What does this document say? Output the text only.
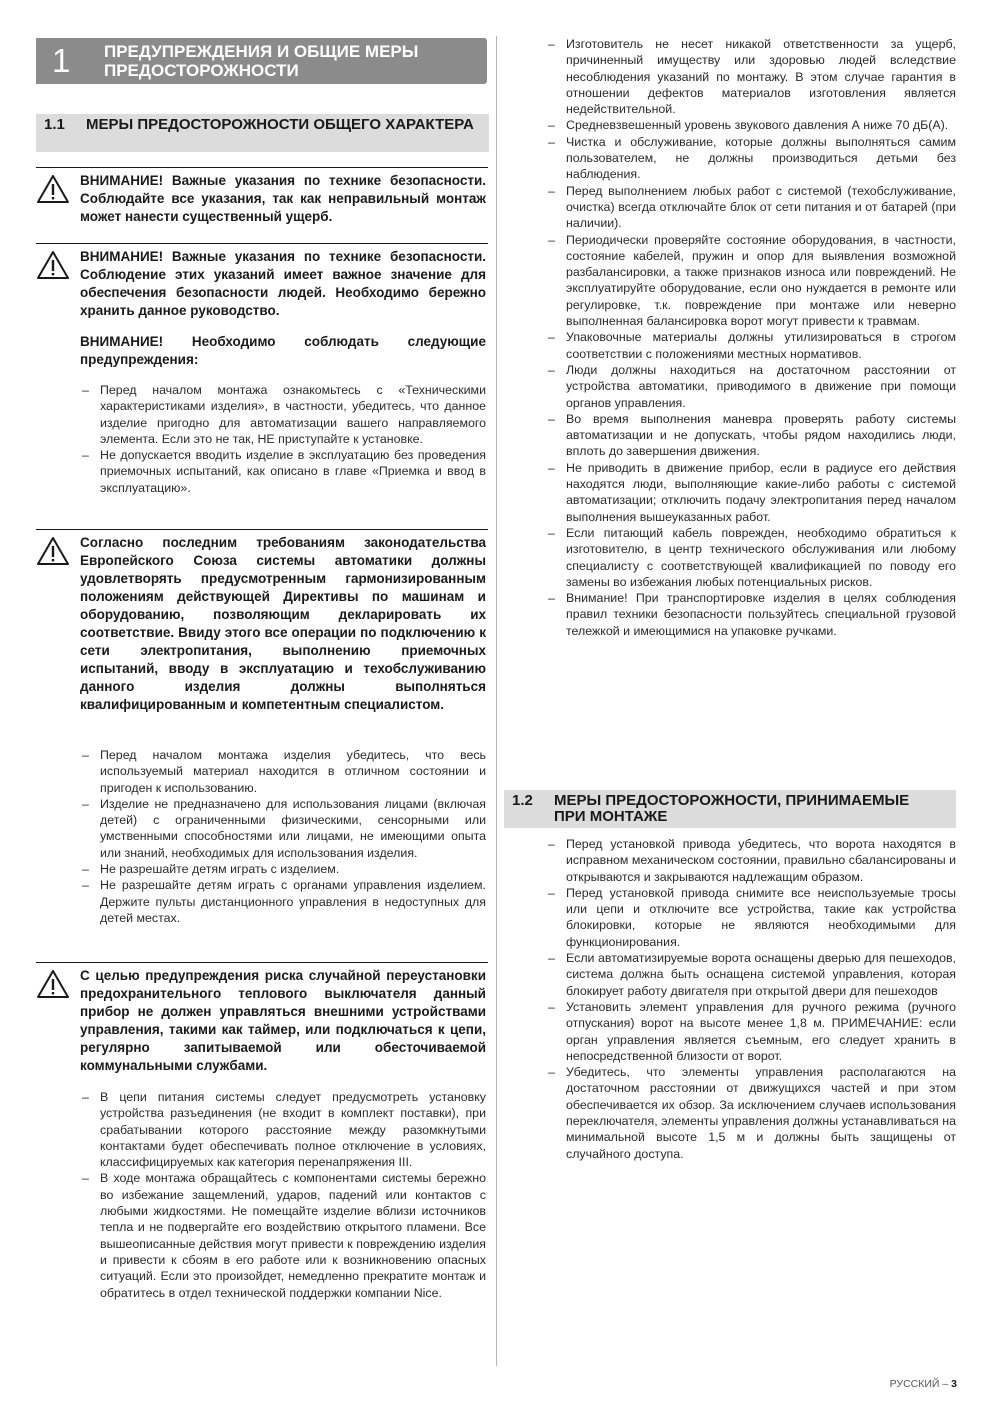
1 ПРЕДУПРЕЖДЕНИЯ И ОБЩИЕ МЕРЫ ПРЕДОСТОРОЖНОСТИ
1.1 МЕРЫ ПРЕДОСТОРОЖНОСТИ ОБЩЕГО ХАРАКТЕРА
ВНИМАНИЕ! Важные указания по технике безопасности. Соблюдайте все указания, так как неправильный монтаж может нанести существенный ущерб.
ВНИМАНИЕ! Важные указания по технике безопасности. Соблюдение этих указаний имеет важное значение для обеспечения безопасности людей. Необходимо бережно хранить данное руководство.
ВНИМАНИЕ! Необходимо соблюдать следующие предупреждения:
– Перед началом монтажа ознакомьтесь с «Техническими характеристиками изделия», в частности, убедитесь, что данное изделие пригодно для автоматизации вашего направляемого элемента. Если это не так, НЕ приступайте к установке.
– Не допускается вводить изделие в эксплуатацию без проведения приемочных испытаний, как описано в главе «Приемка и ввод в эксплуатацию».
Согласно последним требованиям законодательства Европейского Союза системы автоматики должны удовлетворять предусмотренным гармонизированным положениям действующей Директивы по машинам и оборудованию, позволяющим декларировать их соответствие. Ввиду этого все операции по подключению к сети электропитания, выполнению приемочных испытаний, вводу в эксплуатацию и техобслуживанию данного изделия должны выполняться квалифицированным и компетентным специалистом.
– Перед началом монтажа изделия убедитесь, что весь используемый материал находится в отличном состоянии и пригоден к использованию.
– Изделие не предназначено для использования лицами (включая детей) с ограниченными физическими, сенсорными или умственными способностями или лицами, не имеющими опыта или знаний, необходимых для использования изделия.
– Не разрешайте детям играть с изделием.
– Не разрешайте детям играть с органами управления изделием. Держите пульты дистанционного управления в недоступных для детей местах.
С целью предупреждения риска случайной переустановки предохранительного теплового выключателя данный прибор не должен управляться внешними устройствами управления, такими как таймер, или подключаться к цепи, регулярно запитываемой или обесточиваемой коммунальными службами.
– В цепи питания системы следует предусмотреть установку устройства разъединения (не входит в комплект поставки), при срабатывании которого расстояние между разомкнутыми контактами будет обеспечивать полное отключение в условиях, классифицируемых как категория перенапряжения III.
– В ходе монтажа обращайтесь с компонентами системы бережно во избежание защемлений, ударов, падений или контактов с любыми жидкостями. Не помещайте изделие вблизи источников тепла и не подвергайте его воздействию открытого пламени. Все вышеописанные действия могут привести к повреждению изделия и привести к сбоям в его работе или к возникновению опасных ситуаций. Если это произойдет, немедленно прекратите монтаж и обратитесь в отдел технической поддержки компании Nice.
– Изготовитель не несет никакой ответственности за ущерб, причиненный имуществу или здоровью людей вследствие несоблюдения указаний по монтажу. В этом случае гарантия в отношении дефектов материалов изготовления является недействительной.
– Средневзвешенный уровень звукового давления А ниже 70 дБ(А).
– Чистка и обслуживание, которые должны выполняться самим пользователем, не должны производиться детьми без наблюдения.
– Перед выполнением любых работ с системой (техобслуживание, очистка) всегда отключайте блок от сети питания и от батарей (при наличии).
– Периодически проверяйте состояние оборудования, в частности, состояние кабелей, пружин и опор для выявления возможной разбалансировки, а также признаков износа или повреждений. Не эксплуатируйте оборудование, если оно нуждается в ремонте или регулировке, т.к. повреждение при монтаже или неверно выполненная балансировка ворот могут привести к травмам.
– Упаковочные материалы должны утилизироваться в строгом соответствии с положениями местных нормативов.
– Люди должны находиться на достаточном расстоянии от устройства автоматики, приводимого в движение при помощи органов управления.
– Во время выполнения маневра проверять работу системы автоматизации и не допускать, чтобы рядом находились люди, вплоть до завершения движения.
– Не приводить в движение прибор, если в радиусе его действия находятся люди, выполняющие какие-либо работы с системой автоматизации; отключить подачу электропитания перед началом выполнения вышеуказанных работ.
– Если питающий кабель поврежден, необходимо обратиться к изготовителю, в центр технического обслуживания или любому специалисту с соответствующей квалификацией по поводу его замены во избежания любых потенциальных рисков.
– Внимание! При транспортировке изделия в целях соблюдения правил техники безопасности пользуйтесь специальной грузовой тележкой и имеющимися на упаковке ручками.
1.2 МЕРЫ ПРЕДОСТОРОЖНОСТИ, ПРИНИМАЕМЫЕ ПРИ МОНТАЖЕ
– Перед установкой привода убедитесь, что ворота находятся в исправном механическом состоянии, правильно сбалансированы и открываются и закрываются надлежащим образом.
– Перед установкой привода снимите все неиспользуемые тросы или цепи и отключите все устройства, такие как устройства блокировки, которые не являются необходимыми для функционирования.
– Если автоматизируемые ворота оснащены дверью для пешеходов, система должна быть оснащена системой управления, которая блокирует работу двигателя при открытой двери для пешеходов
– Установить элемент управления для ручного режима (ручного отпускания) ворот на высоте менее 1,8 м. ПРИМЕЧАНИЕ: если орган управления является съемным, его следует хранить в непосредственной близости от ворот.
– Убедитесь, что элементы управления располагаются на достаточном расстоянии от движущихся частей и при этом обеспечивается их обзор. За исключением случаев использования переключателя, элементы управления должны устанавливаться на минимальной высоте 1,5 м и должны быть защищены от случайного доступа.
РУССКИЙ – 3
